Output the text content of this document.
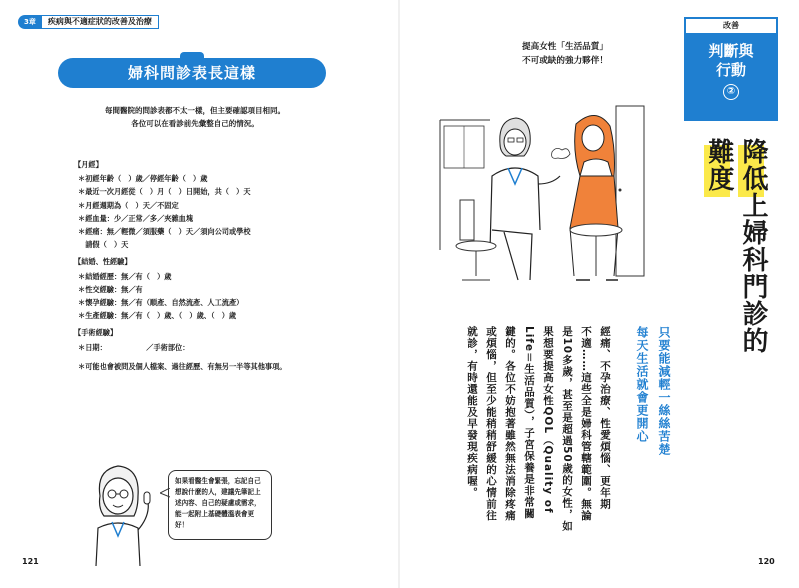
3章	疾病與不適症狀的改善及治療
婦科問診表長這樣
每間醫院的問診表都不太一樣，但主要確認項目相同。
各位可以在看診前先彙整自己的情況。
【月經】
＊初經年齡（　）歲／停經年齡（　）歲
＊最近一次月經從（　）月（　）日開始，共（　）天
＊月經週期為（　）天／不固定
＊經血量：少／正常／多／夾雜血塊
＊經痛：無／輕微／須服藥（　）天／須向公司或學校
　請假（　）天
【結婚、性經驗】
＊結婚經歷：無／有（　）歲
＊性交經驗：無／有
＊懷孕經驗：無／有（順產、自然流產、人工流產）
＊生產經驗：無／有（　）歲、（　）歲、（　）歲
【手術經驗】
＊日期：　　　　　　／手術部位：
＊可能也會被問及個人檔案、過往經歷、有無另一半等其他事項。
如果看醫生會緊張，忘記自己想說什麼的人，建議先筆記上述內容、自己的疑慮或需求，能一起附上基礎體溫表會更好！
121
改善
判斷與
行動
②
降低上婦科門診的
難度
提高女性「生活品質」
不可或缺的強力夥伴！
只要能減輕一絲絲苦楚
每天生活就會更開心
經痛、不孕治療、性愛煩惱、更年期
不適……這些全是婦科管轄範圍。無論
是10多歲，甚至是超過50歲的女性，如
果想要提高女性QOL（Quality of
Life＝生活品質），子宮保養是非常關
鍵的。各位不妨抱著雖然無法消除疼痛
或煩惱，但至少能稍稍舒緩的心情前往
就診，有時還能及早發現疾病喔。
120
